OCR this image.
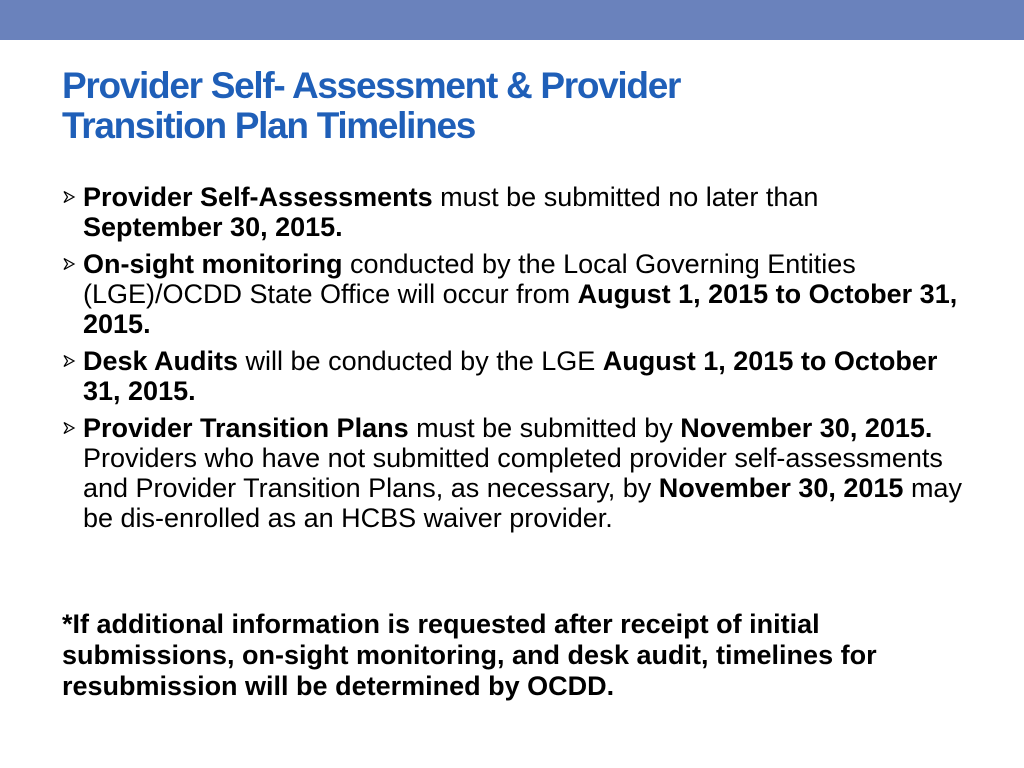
Provider Self- Assessment & Provider
Transition Plan Timelines
Provider Self-Assessments must be submitted no later than September 30, 2015.
On-sight monitoring conducted by the Local Governing Entities (LGE)/OCDD State Office will occur from August 1, 2015 to October 31, 2015.
Desk Audits will be conducted by the LGE August 1, 2015 to October 31, 2015.
Provider Transition Plans must be submitted by November 30, 2015. Providers who have not submitted completed provider self-assessments and Provider Transition Plans, as necessary, by November 30, 2015 may be dis-enrolled as an HCBS waiver provider.

*If additional information is requested after receipt of initial submissions, on-sight monitoring, and desk audit, timelines for resubmission will be determined by OCDD.
